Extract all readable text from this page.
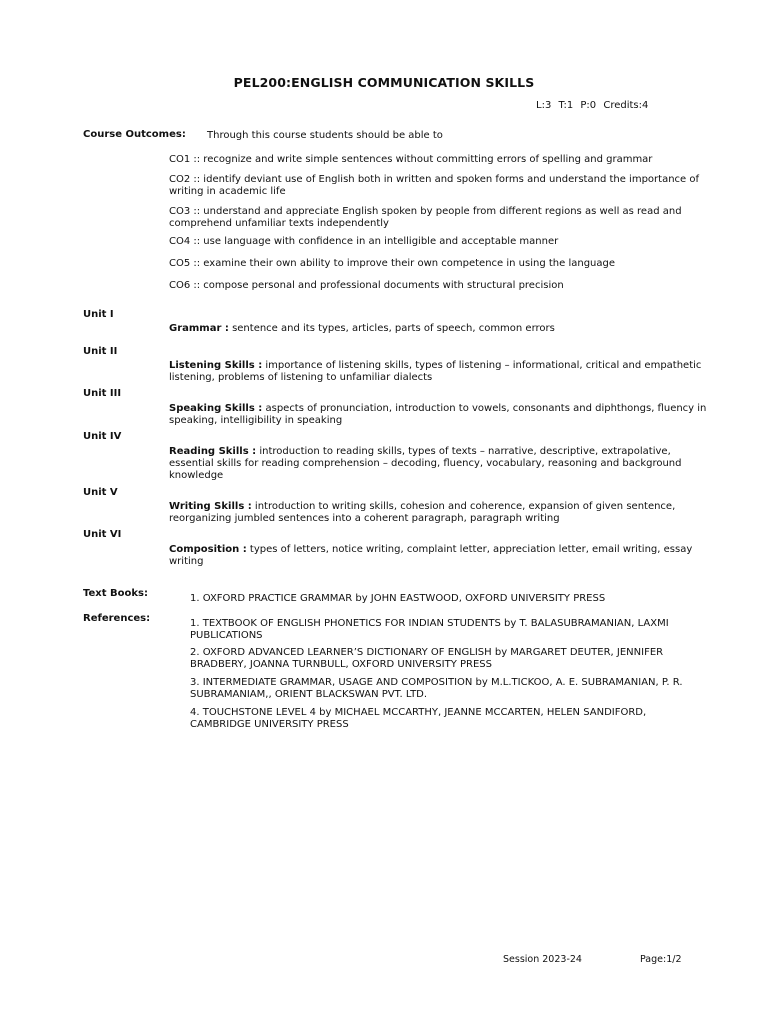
PEL200:ENGLISH COMMUNICATION SKILLS
L:3 T:1 P:0 Credits:4
Course Outcomes: Through this course students should be able to
CO1 :: recognize and write simple sentences without committing errors of spelling and grammar
CO2 :: identify deviant use of English both in written and spoken forms and understand the importance of writing in academic life
CO3 :: understand and appreciate English spoken by people from different regions as well as read and comprehend unfamiliar texts independently
CO4 :: use language with confidence in an intelligible and acceptable manner
CO5 :: examine their own ability to improve their own competence in using the language
CO6 :: compose personal and professional documents with structural precision
Unit I
Grammar : sentence and its types, articles, parts of speech, common errors
Unit II
Listening Skills : importance of listening skills, types of listening – informational, critical and empathetic listening, problems of listening to unfamiliar dialects
Unit III
Speaking Skills : aspects of pronunciation, introduction to vowels, consonants and diphthongs, fluency in speaking, intelligibility in speaking
Unit IV
Reading Skills : introduction to reading skills, types of texts – narrative, descriptive, extrapolative, essential skills for reading comprehension – decoding, fluency, vocabulary, reasoning and background knowledge
Unit V
Writing Skills : introduction to writing skills, cohesion and coherence, expansion of given sentence, reorganizing jumbled sentences into a coherent paragraph, paragraph writing
Unit VI
Composition : types of letters, notice writing, complaint letter, appreciation letter, email writing, essay writing
Text Books:	1. OXFORD PRACTICE GRAMMAR by JOHN EASTWOOD, OXFORD UNIVERSITY PRESS
References:	1. TEXTBOOK OF ENGLISH PHONETICS FOR INDIAN STUDENTS by T. BALASUBRAMANIAN, LAXMI PUBLICATIONS
2. OXFORD ADVANCED LEARNER’S DICTIONARY OF ENGLISH by MARGARET DEUTER, JENNIFER BRADBERY, JOANNA TURNBULL, OXFORD UNIVERSITY PRESS
3. INTERMEDIATE GRAMMAR, USAGE AND COMPOSITION by M.L.TICKOO, A. E. SUBRAMANIAN, P. R. SUBRAMANIAM,, ORIENT BLACKSWAN PVT. LTD.
4. TOUCHSTONE LEVEL 4 by MICHAEL MCCARTHY, JEANNE MCCARTEN, HELEN SANDIFORD, CAMBRIDGE UNIVERSITY PRESS
Session 2023-24	Page:1/2
